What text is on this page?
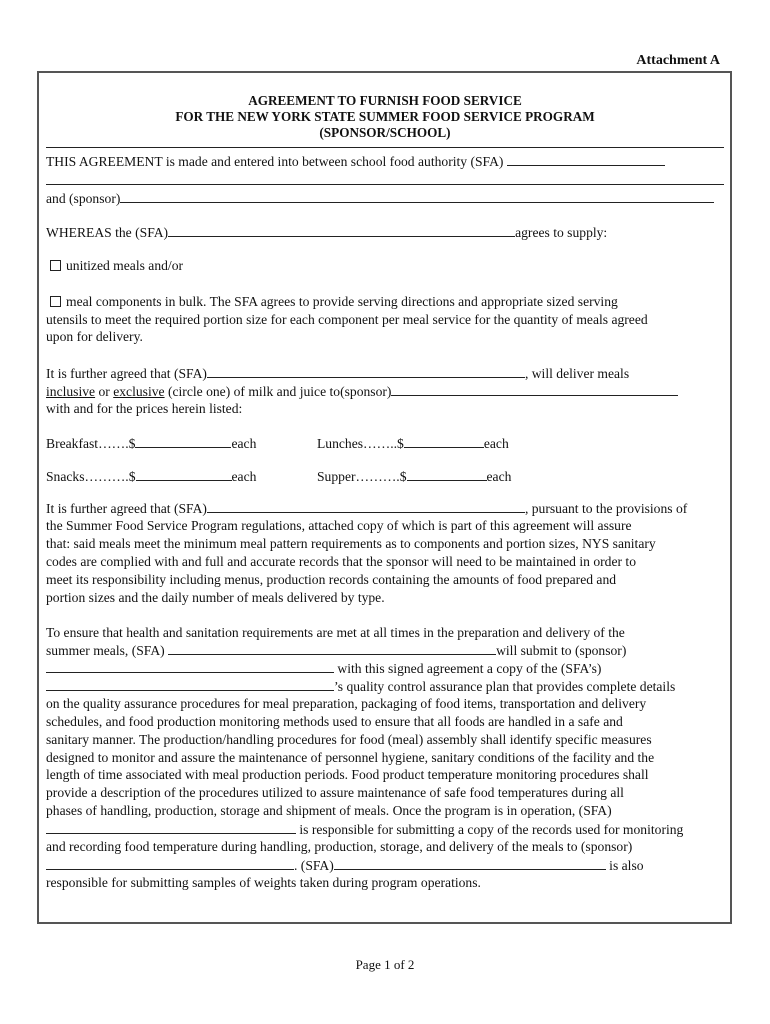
Attachment A
AGREEMENT TO FURNISH FOOD SERVICE
FOR THE NEW YORK STATE SUMMER FOOD SERVICE PROGRAM
(SPONSOR/SCHOOL)
THIS AGREEMENT is made and entered into between school food authority (SFA)
and (sponsor)
WHEREAS the (SFA)	agrees to supply:
unitized meals and/or
meal components in bulk. The SFA agrees to provide serving directions and appropriate sized serving
utensils to meet the required portion size for each component per meal service for the quantity of meals agreed
upon for delivery.
It is further agreed that (SFA)	, will deliver meals
inclusive or exclusive (circle one) of milk and juice to(sponsor)
with and for the prices herein listed:
Breakfast…….$	each	Lunches……..$	each
Snacks……….$	each	Supper……….$	each
It is further agreed that (SFA)	, pursuant to the provisions of
the Summer Food Service Program regulations, attached copy of which is part of this agreement will assure
that: said meals meet the minimum meal pattern requirements as to components and portion sizes, NYS sanitary
codes are complied with and full and accurate records that the sponsor will need to be maintained in order to
meet its responsibility including menus, production records containing the amounts of food prepared and
portion sizes and the daily number of meals delivered by type.
To ensure that health and sanitation requirements are met at all times in the preparation and delivery of the
summer meals, (SFA)	will submit to (sponsor)
with this signed agreement a copy of the (SFA’s)
’s quality control assurance plan that provides complete details
on the quality assurance procedures for meal preparation, packaging of food items, transportation and delivery
schedules, and food production monitoring methods used to ensure that all foods are handled in a safe and
sanitary manner. The production/handling procedures for food (meal) assembly shall identify specific measures
designed to monitor and assure the maintenance of personnel hygiene, sanitary conditions of the facility and the
length of time associated with meal production periods. Food product temperature monitoring procedures shall
provide a description of the procedures utilized to assure maintenance of safe food temperatures during all
phases of handling, production, storage and shipment of meals. Once the program is in operation, (SFA)
is responsible for submitting a copy of the records used for monitoring
and recording food temperature during handling, production, storage, and delivery of the meals to (sponsor)
. (SFA)	is also
responsible for submitting samples of weights taken during program operations.
Page 1 of 2
